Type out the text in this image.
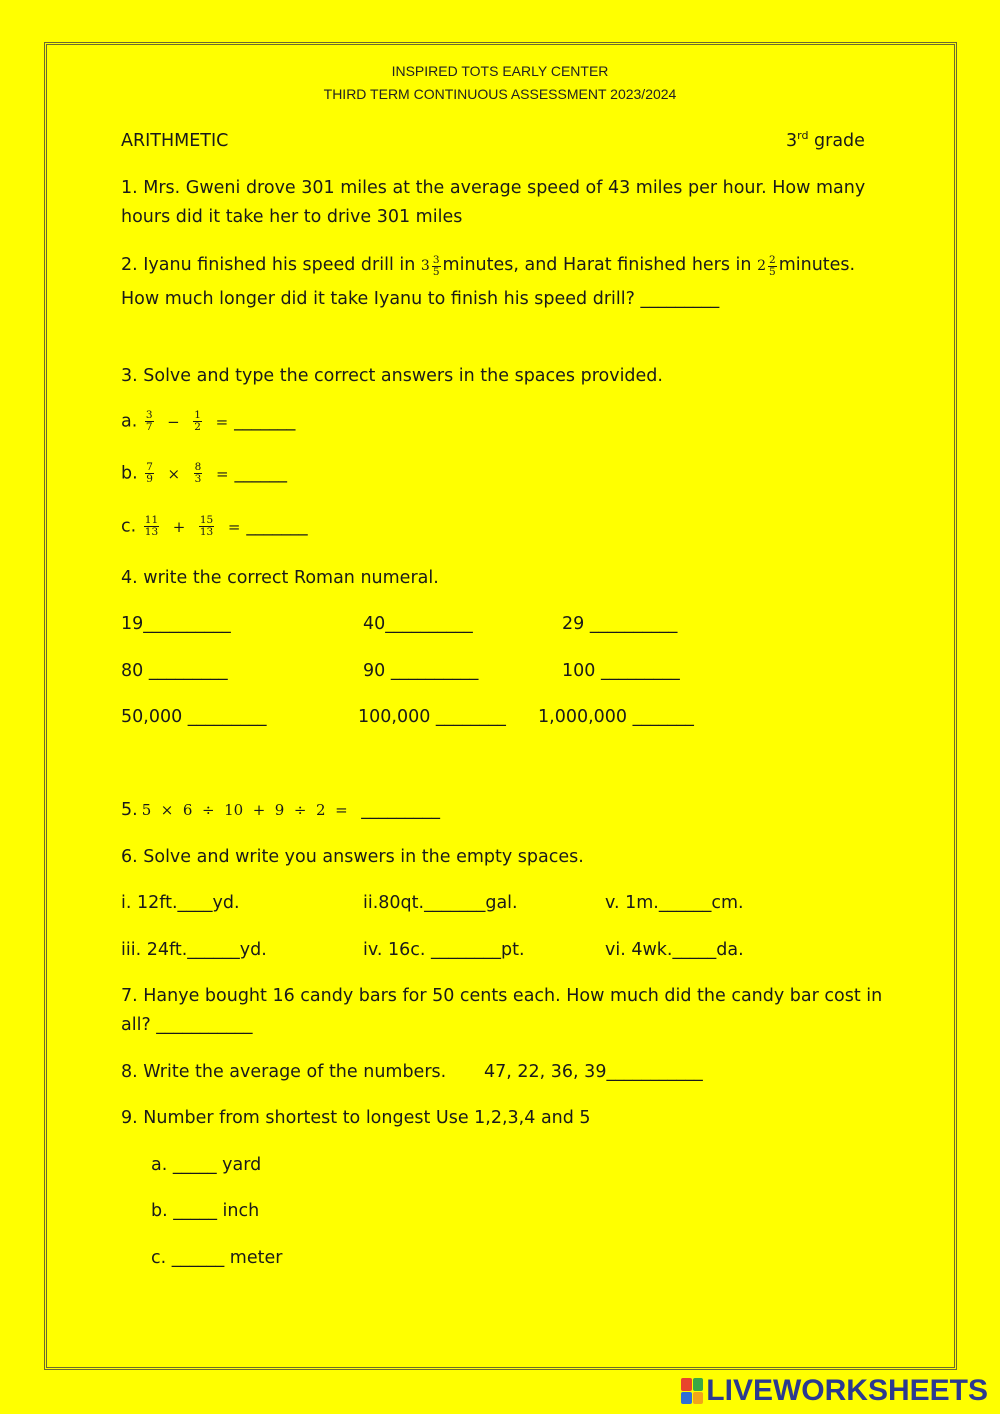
INSPIRED TOTS EARLY CENTER
THIRD TERM CONTINUOUS ASSESSMENT 2023/2024
ARITHMETIC	3rd grade
1. Mrs. Gweni drove 301 miles at the average speed of 43 miles per hour. How many
hours did it take her to drive 301 miles
2. Iyanu finished his speed drill in $3 \frac{3}{5}$ minutes, and Harat finished hers in $2 \frac{2}{5}$ minutes.
How much longer did it take Iyanu to finish his speed drill? _________
3. Solve and type the correct answers in the spaces provided.
a. $\frac{3}{7} - \frac{1}{2}$ = _______
b. $\frac{7}{9} \times \frac{8}{3}$ = ______
c. $\frac{11}{13} + \frac{15}{13}$ = _______
4. write the correct Roman numeral.
19__________	40__________	29 __________
80 _________	90 __________	100 _________
50,000 _________	100,000 ________ 1,000,000 _______
5. 5  ×  6  ÷  10  +  9  ÷  2  = _________
6. Solve and write you answers in the empty spaces.
i. 12ft.____yd.	ii.80qt._______gal.	v. 1m.______cm.
iii. 24ft.______yd.	iv. 16c. ________pt.	vi. 4wk._____da.
7. Hanye bought 16 candy bars for 50 cents each. How much did the candy bar cost in
all? ___________
8. Write the average of the numbers. 47, 22, 36, 39___________
9. Number from shortest to longest Use 1,2,3,4 and 5
a. _____ yard
b. _____ inch
c. ______ meter
LIVEWORKSHEETS
